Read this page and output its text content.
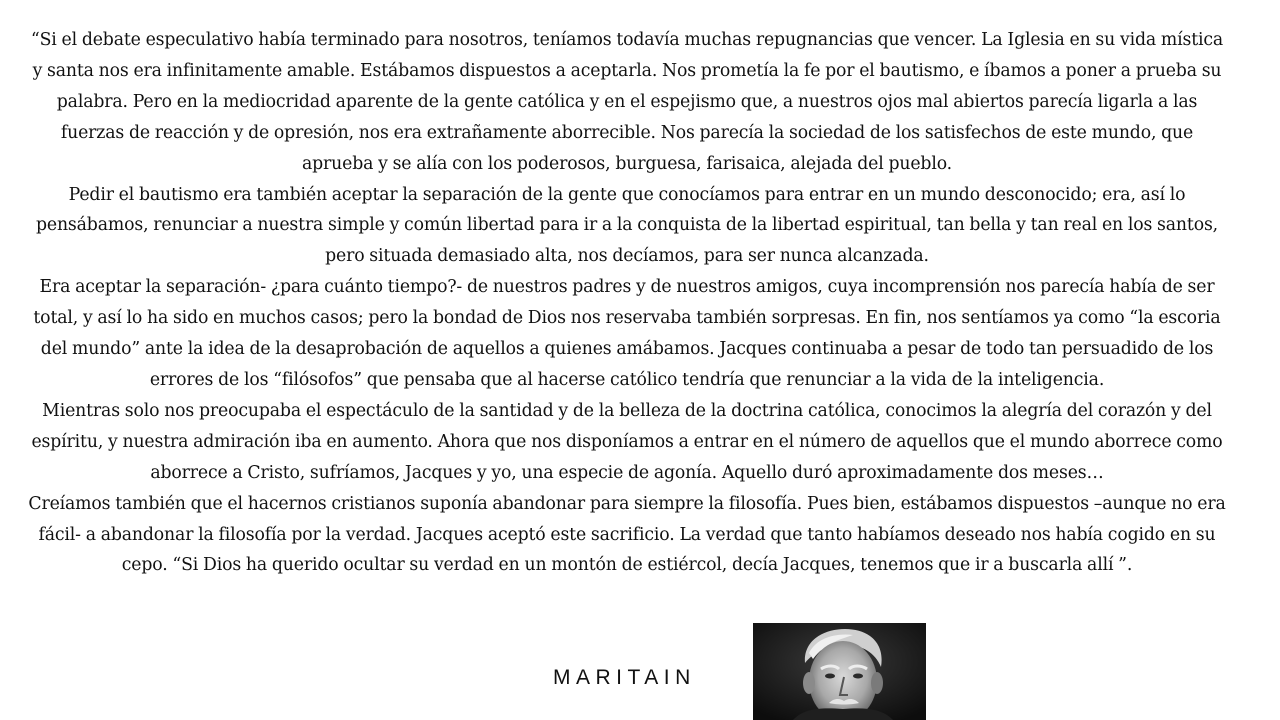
“Si el debate especulativo había terminado para nosotros, teníamos todavía muchas repugnancias que vencer. La Iglesia en su vida mística y santa nos era infinitamente amable. Estábamos dispuestos a aceptarla. Nos prometía la fe por el bautismo, e íbamos a poner a prueba su palabra. Pero en la mediocridad aparente de la gente católica y en el espejismo que, a nuestros ojos mal abiertos parecía ligarla a las fuerzas de reacción y de opresión, nos era extrañamente aborrecible. Nos parecía la sociedad de los satisfechos de este mundo, que aprueba y se alía con los poderosos, burguesa, farisaica, alejada del pueblo.

Pedir el bautismo era también aceptar la separación de la gente que conocíamos para entrar en un mundo desconocido; era, así lo pensábamos, renunciar a nuestra simple y común libertad para ir a la conquista de la libertad espiritual, tan bella y tan real en los santos, pero situada demasiado alta, nos decíamos, para ser nunca alcanzada.

Era aceptar la separación- ¿para cuánto tiempo?- de nuestros padres y de nuestros amigos, cuya incomprensión nos parecía había de ser total, y así lo ha sido en muchos casos; pero la bondad de Dios nos reservaba también sorpresas. En fin, nos sentíamos ya como “la escoria del mundo” ante la idea de la desaprobación de aquellos a quienes amábamos. Jacques continuaba a pesar de todo tan persuadido de los errores de los “filósofos” que pensaba que al hacerse católico tendría que renunciar a la vida de la inteligencia.

Mientras solo nos preocupaba el espectáculo de la santidad y de la belleza de la doctrina católica, conocimos la alegría del corazón y del espíritu, y nuestra admiración iba en aumento. Ahora que nos disponíamos a entrar en el número de aquellos que el mundo aborrece como aborrece a Cristo, sufríamos, Jacques y yo, una especie de agonía. Aquello duró aproximadamente dos meses…

Creíamos también que el hacernos cristianos suponía abandonar para siempre la filosofía. Pues bien, estábamos dispuestos –aunque no era fácil- a abandonar la filosofía por la verdad. Jacques aceptó este sacrificio. La verdad que tanto habíamos deseado nos había cogido en su cepo. “Si Dios ha querido ocultar su verdad en un montón de estiércol, decía Jacques, tenemos que ir a buscarla allí ”.

MARITAIN
